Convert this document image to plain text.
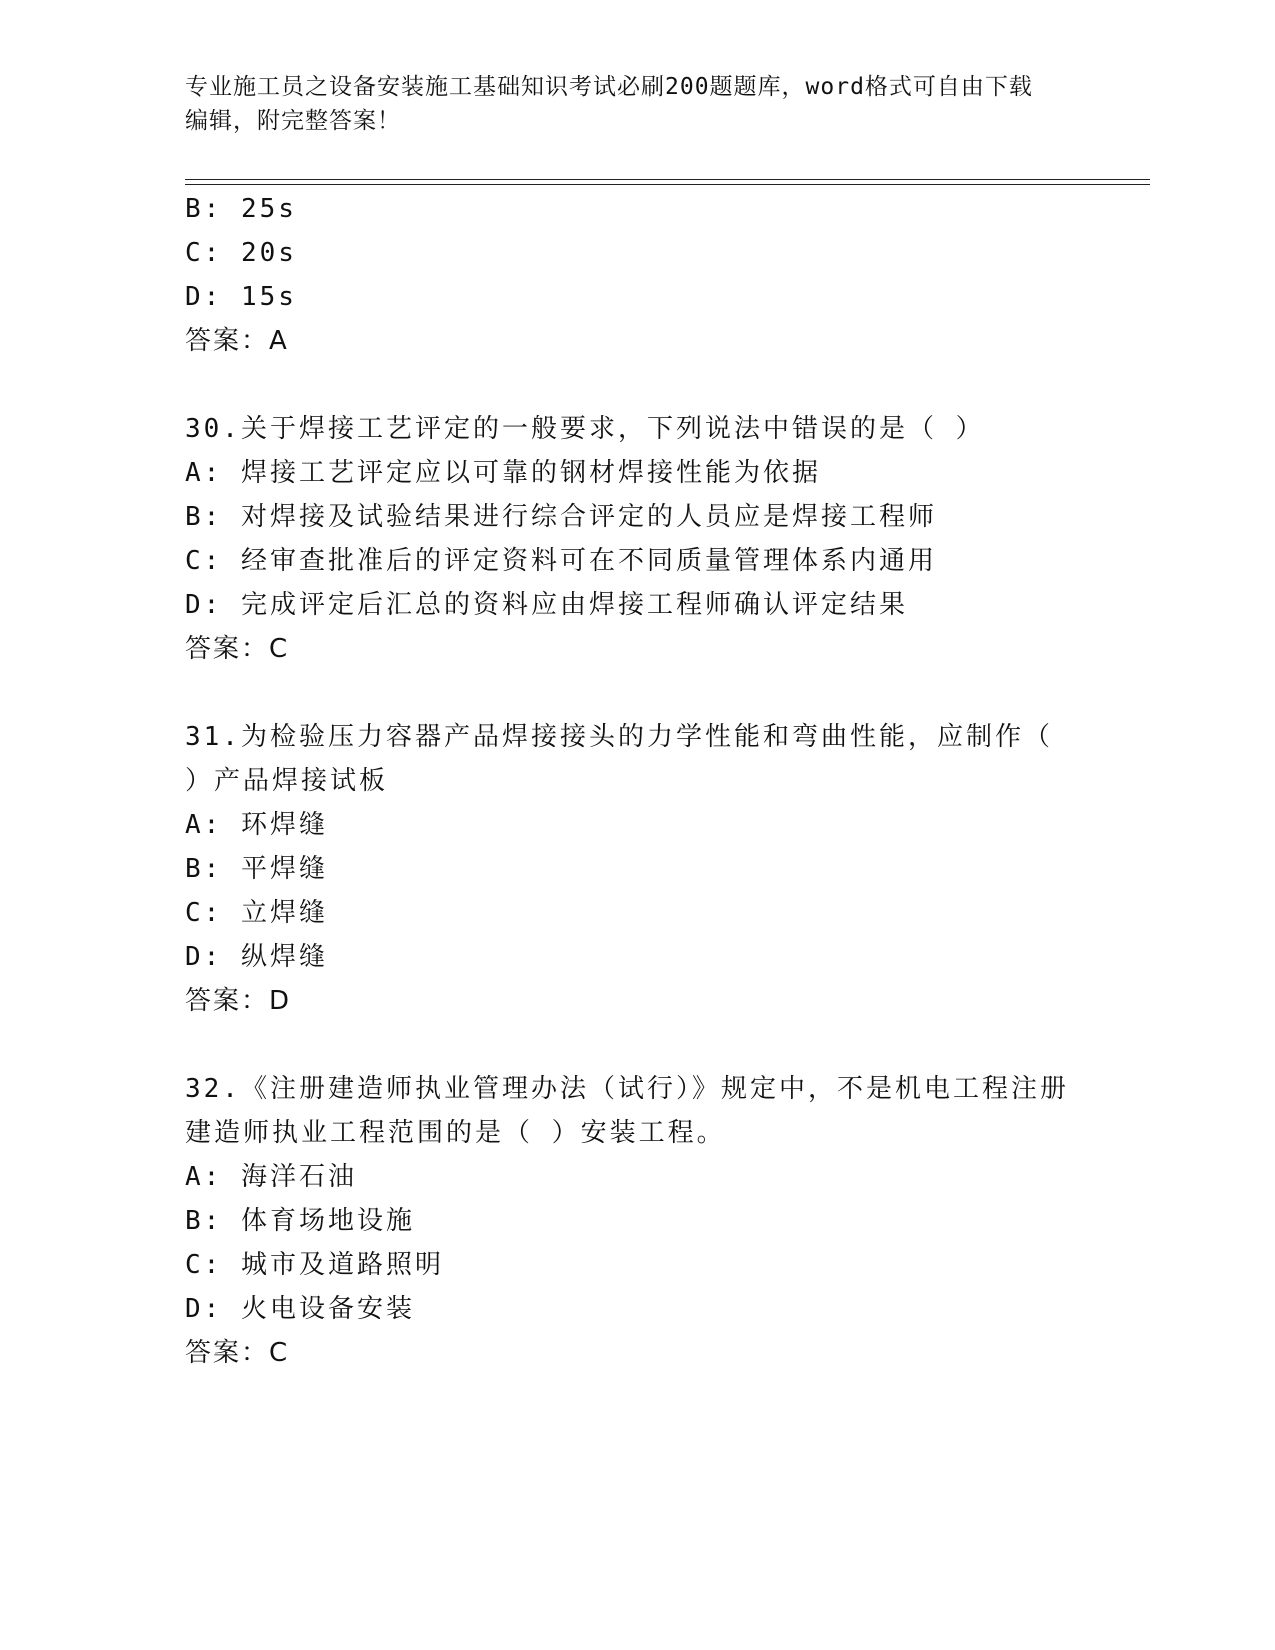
专业施工员之设备安装施工基础知识考试必刷200题题库，word格式可自由下载
编辑，附完整答案！
B: 25s
C: 20s
D: 15s
答案：A
30.关于焊接工艺评定的一般要求，下列说法中错误的是（ ）
A: 焊接工艺评定应以可靠的钢材焊接性能为依据
B: 对焊接及试验结果进行综合评定的人员应是焊接工程师
C: 经审查批准后的评定资料可在不同质量管理体系内通用
D: 完成评定后汇总的资料应由焊接工程师确认评定结果
答案：C
31.为检验压力容器产品焊接接头的力学性能和弯曲性能，应制作（
）产品焊接试板
A: 环焊缝
B: 平焊缝
C: 立焊缝
D: 纵焊缝
答案：D
32.《注册建造师执业管理办法（试行）》规定中，不是机电工程注册
建造师执业工程范围的是（ ）安装工程。
A: 海洋石油
B: 体育场地设施
C: 城市及道路照明
D: 火电设备安装
答案：C
